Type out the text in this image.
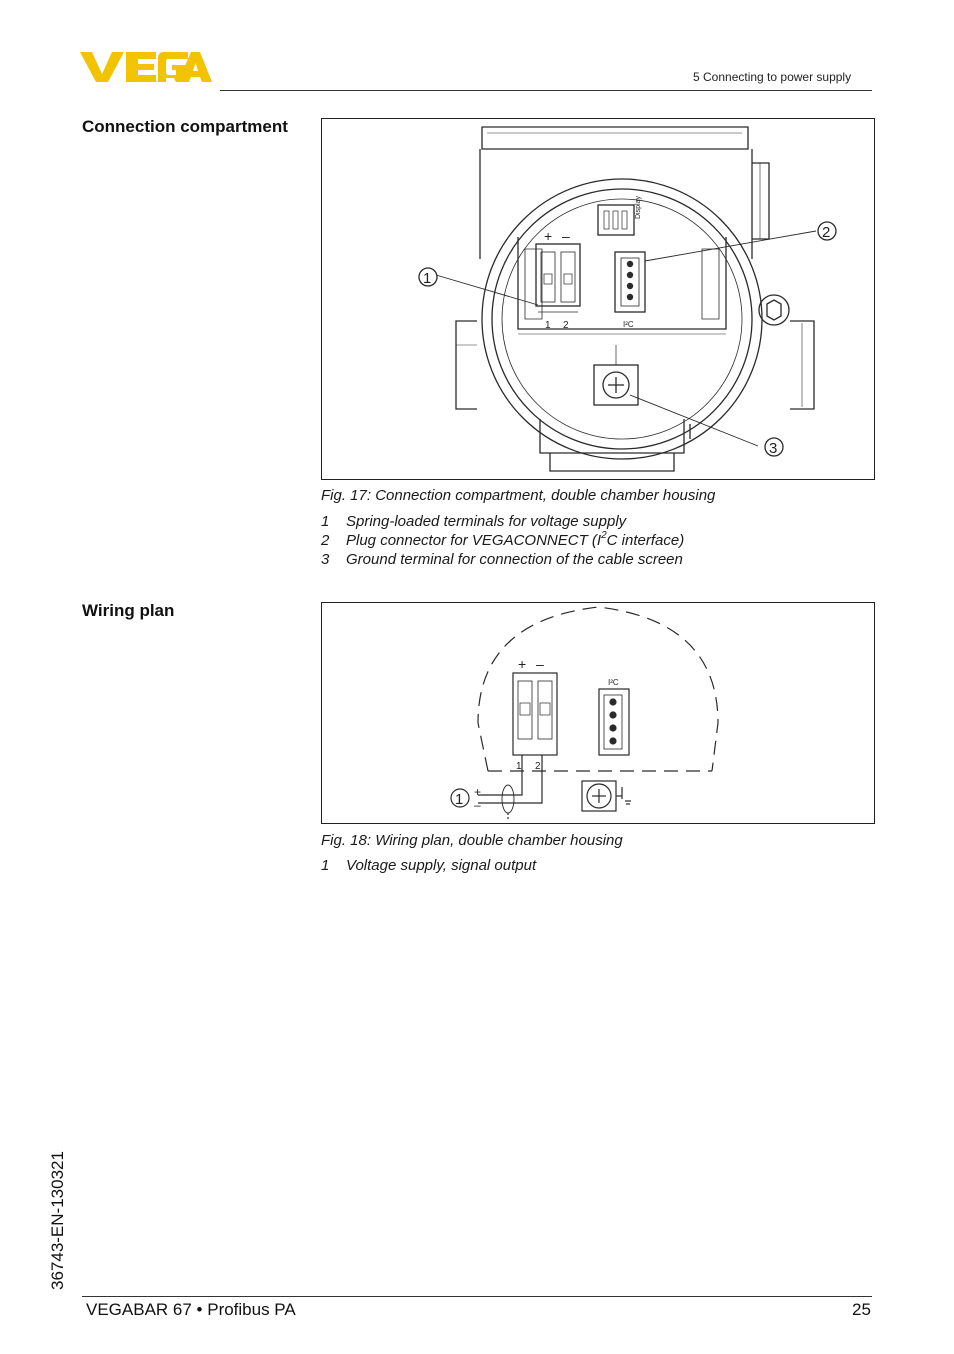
5 Connecting to power supply
Connection compartment
Display
+ –
1 2	I²C
1
2
3
Fig. 17: Connection compartment, double chamber housing
1 Spring-loaded terminals for voltage supply
2 Plug connector for VEGACONNECT ($I^2C$ interface)
3 Ground terminal for connection of the cable screen
Wiring plan
+ –
1 2
I²C
+
–
1
Fig. 18: Wiring plan, double chamber housing
1 Voltage supply, signal output
36743-EN-130321
VEGABAR 67 • Profibus PA	25
